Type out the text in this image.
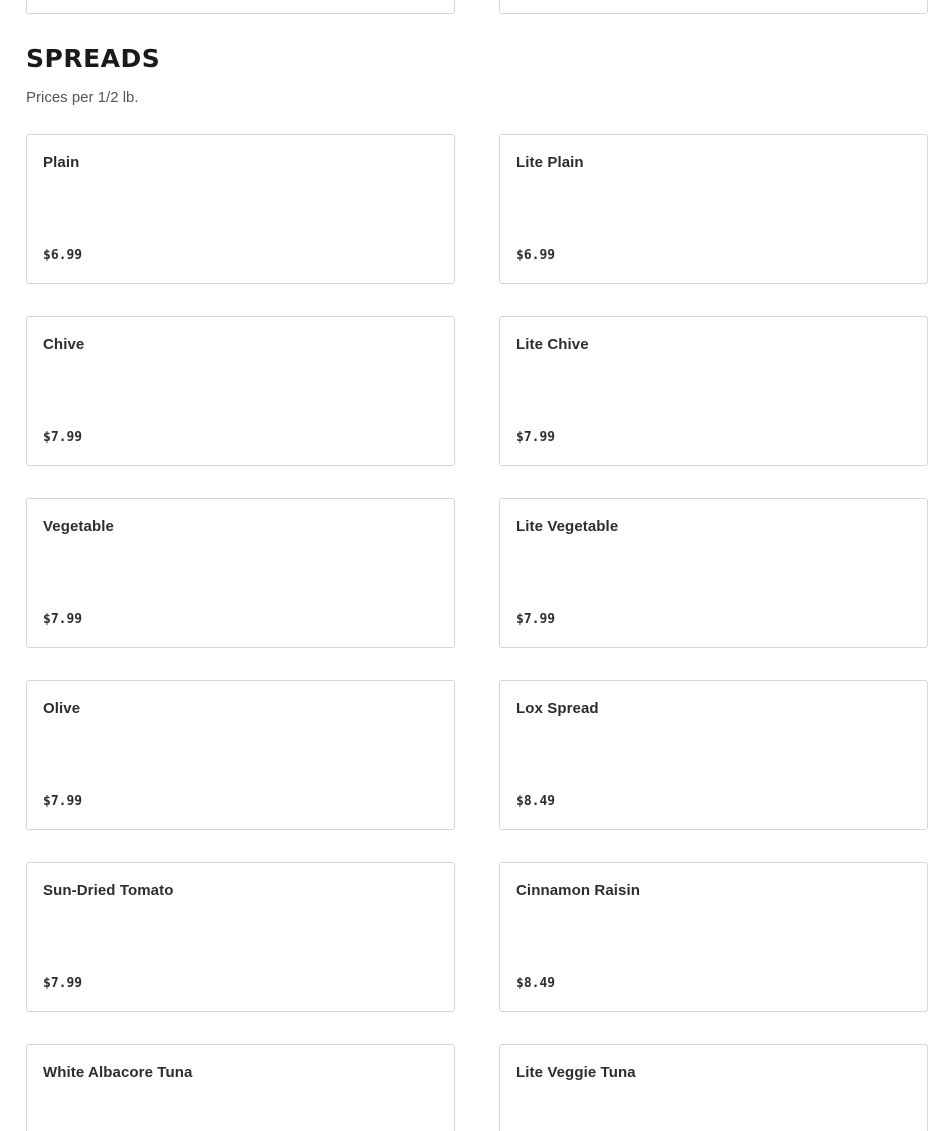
SPREADS

Prices per 1/2 lb.

Plain
$6.99
Lite Plain
$6.99
Chive
$7.99
Lite Chive
$7.99
Vegetable
$7.99
Lite Vegetable
$7.99
Olive
$7.99
Lox Spread
$8.49
Sun-Dried Tomato
$7.99
Cinnamon Raisin
$8.49
White Albacore Tuna	Lite Veggie Tuna
